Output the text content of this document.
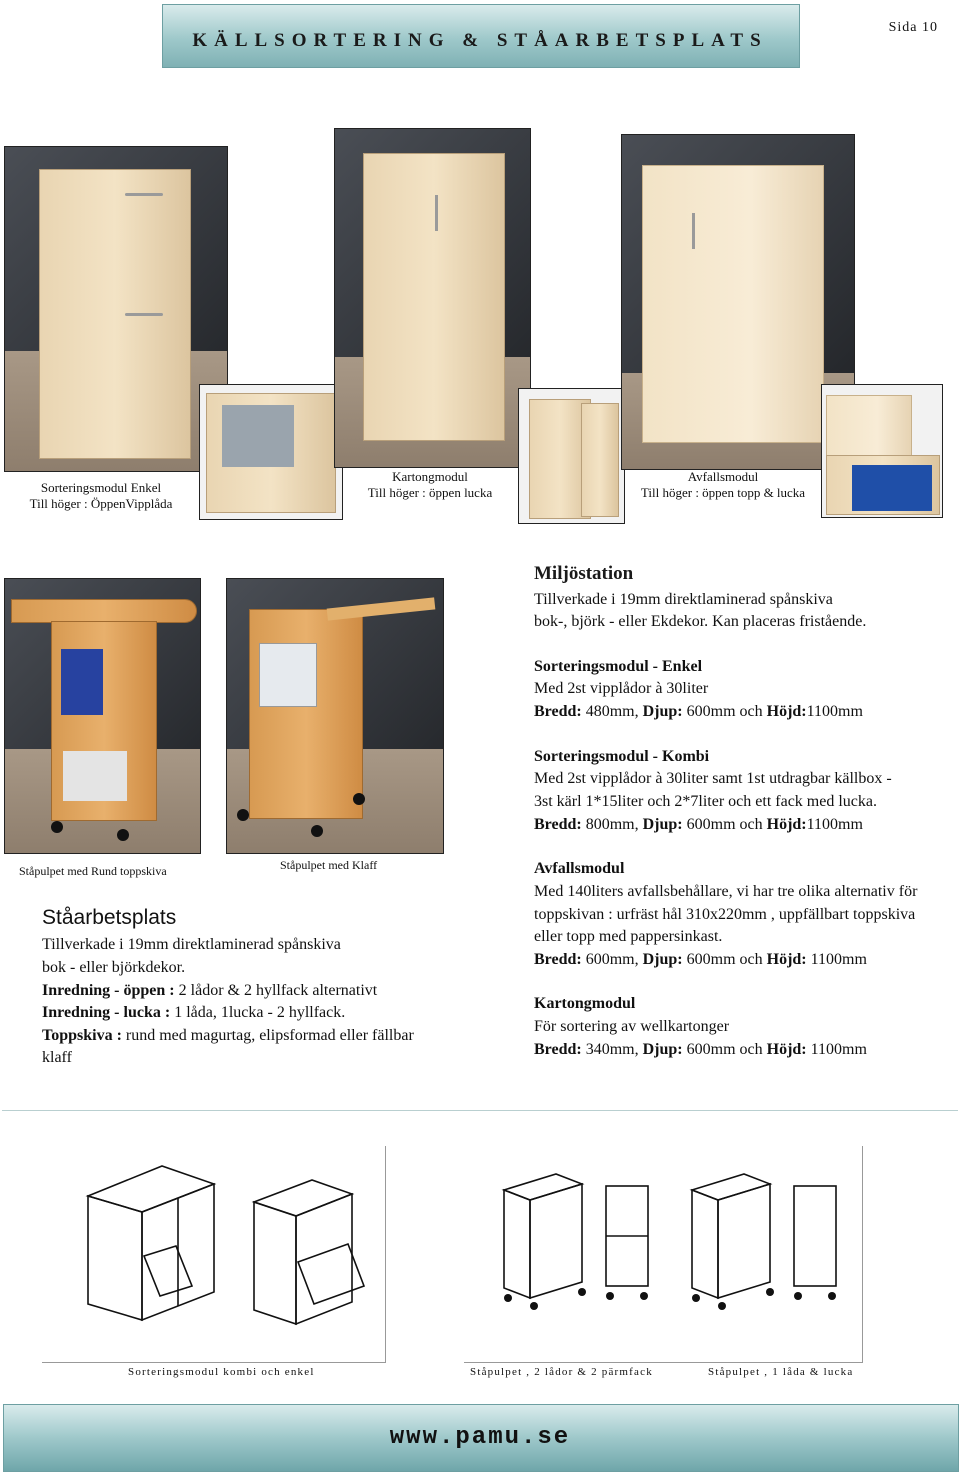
KÄLLSORTERING & STÅARBETSPLATS
Sida 10
Sorteringsmodul Enkel
Till höger : ÖppenVipplåda
Kartongmodul
Till höger : öppen lucka
Avfallsmodul
Till höger : öppen topp & lucka
Ståpulpet med Rund toppskiva	Ståpulpet med Klaff
Miljöstation
Tillverkade i 19mm direktlaminerad spånskiva
bok-, björk - eller Ekdekor. Kan placeras fristående.
Sorteringsmodul - Enkel
Med 2st vipplådor à 30liter
Bredd: 480mm, Djup: 600mm och Höjd:1100mm
Sorteringsmodul - Kombi
Med 2st vipplådor à 30liter samt 1st utdragbar källbox -
3st kärl 1*15liter och 2*7liter och ett fack med lucka.
Bredd: 800mm, Djup: 600mm och Höjd:1100mm
Avfallsmodul
Med 140liters avfallsbehållare, vi har tre olika alternativ för
toppskivan : urfräst hål 310x220mm , uppfällbart toppskiva
eller topp med pappersinkast.
Bredd: 600mm, Djup: 600mm och Höjd: 1100mm
Kartongmodul
För sortering av wellkartonger
Bredd: 340mm, Djup: 600mm och Höjd: 1100mm
Ståarbetsplats
Tillverkade i 19mm direktlaminerad spånskiva
bok - eller björkdekor.
Inredning - öppen : 2 lådor & 2 hyllfack alternativt
Inredning - lucka : 1 låda, 1lucka - 2 hyllfack.
Toppskiva : rund med magurtag, elipsformad eller fällbar
klaff
Sorteringsmodul kombi och enkel	Ståpulpet , 2 lådor & 2 pärmfack	Ståpulpet , 1 låda & lucka
www.pamu.se
